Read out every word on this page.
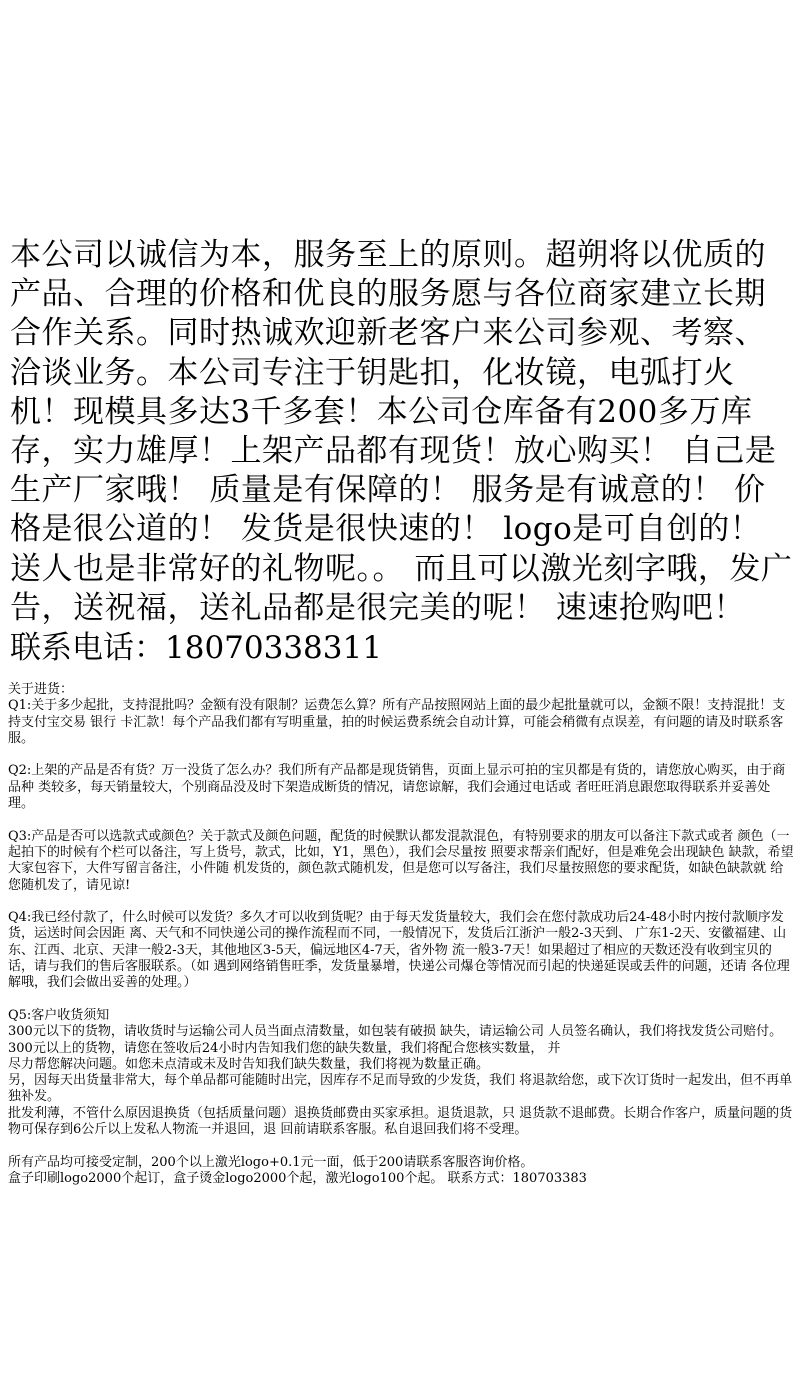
本公司以诚信为本，服务至上的原则。超朔将以优质的产品、合理的价格和优良的服务愿与各位商家建立长期合作关系。同时热诚欢迎新老客户来公司参观、考察、洽谈业务。本公司专注于钥匙扣，化妆镜，电弧打火机！现模具多达3千多套！本公司仓库备有200多万库存，实力雄厚！上架产品都有现货！放心购买！ 自己是生产厂家哦！ 质量是有保障的！ 服务是有诚意的！ 价格是很公道的！ 发货是很快速的！ logo是可自创的！ 送人也是非常好的礼物呢。。 而且可以激光刻字哦，发广告，送祝福，送礼品都是很完美的呢！ 速速抢购吧！

联系电话：18070338311

关于进货：

Q1:关于多少起批，支持混批吗？金额有没有限制？运费怎么算？所有产品按照网站上面的最少起批量就可以，金额不限！支持混批！支持支付宝交易 银行 卡汇款！每个产品我们都有写明重量，拍的时候运费系统会自动计算，可能会稍微有点误差，有问题的请及时联系客服。

Q2:上架的产品是否有货？万一没货了怎么办？我们所有产品都是现货销售，页面上显示可拍的宝贝都是有货的，请您放心购买，由于商品种 类较多，每天销量较大，个别商品没及时下架造成断货的情况，请您谅解，我们会通过电话或 者旺旺消息跟您取得联系并妥善处理。

Q3:产品是否可以选款式或颜色？关于款式及颜色问题，配货的时候默认都发混款混色，有特别要求的朋友可以备注下款式或者 颜色（一起拍下的时候有个栏可以备注，写上货号，款式，比如，Y1，黑色），我们会尽量按 照要求帮亲们配好，但是难免会出现缺色 缺款，希望大家包容下，大件写留言备注，小件随 机发货的，颜色款式随机发，但是您可以写备注，我们尽量按照您的要求配货，如缺色缺款就 给您随机发了，请见谅!

Q4:我已经付款了，什么时候可以发货？多久才可以收到货呢？由于每天发货量较大，我们会在您付款成功后24-48小时内按付款顺序发货，运送时间会因距 离、天气和不同快递公司的操作流程而不同，一般情况下，发货后江浙沪一般2-3天到、 广东1-2天、安徽福建、山东、江西、北京、天津一般2-3天，其他地区3-5天，偏远地区4-7天，省外物 流一般3-7天！如果超过了相应的天数还没有收到宝贝的话，请与我们的售后客服联系。（如 遇到网络销售旺季，发货量暴增，快递公司爆仓等情况而引起的快递延误或丢件的问题，还请 各位理解哦，我们会做出妥善的处理。）

Q5:客户收货须知

300元以下的货物，请收货时与运输公司人员当面点清数量，如包装有破损 缺失，请运输公司 人员签名确认，我们将找发货公司赔付。

300元以上的货物，请您在签收后24小时内告知我们您的缺失数量，我们将配合您核实数量， 并

尽力帮您解决问题。如您未点清或未及时告知我们缺失数量，我们将视为数量正确。

另，因每天出货量非常大，每个单品都可能随时出完，因库存不足而导致的少发货，我们 将退款给您，或下次订货时一起发出，但不再单独补发。

批发利薄，不管什么原因退换货（包括质量问题）退换货邮费由买家承担。退货退款，只 退货款不退邮费。长期合作客户，质量问题的货物可保存到6公斤以上发私人物流一并退回，退 回前请联系客服。私自退回我们将不受理。

所有产品均可接受定制，200个以上激光logo+0.1元一面，低于200请联系客服咨询价格。

盒子印刷logo2000个起订，盒子烫金logo2000个起，激光logo100个起。 联系方式：180703383
